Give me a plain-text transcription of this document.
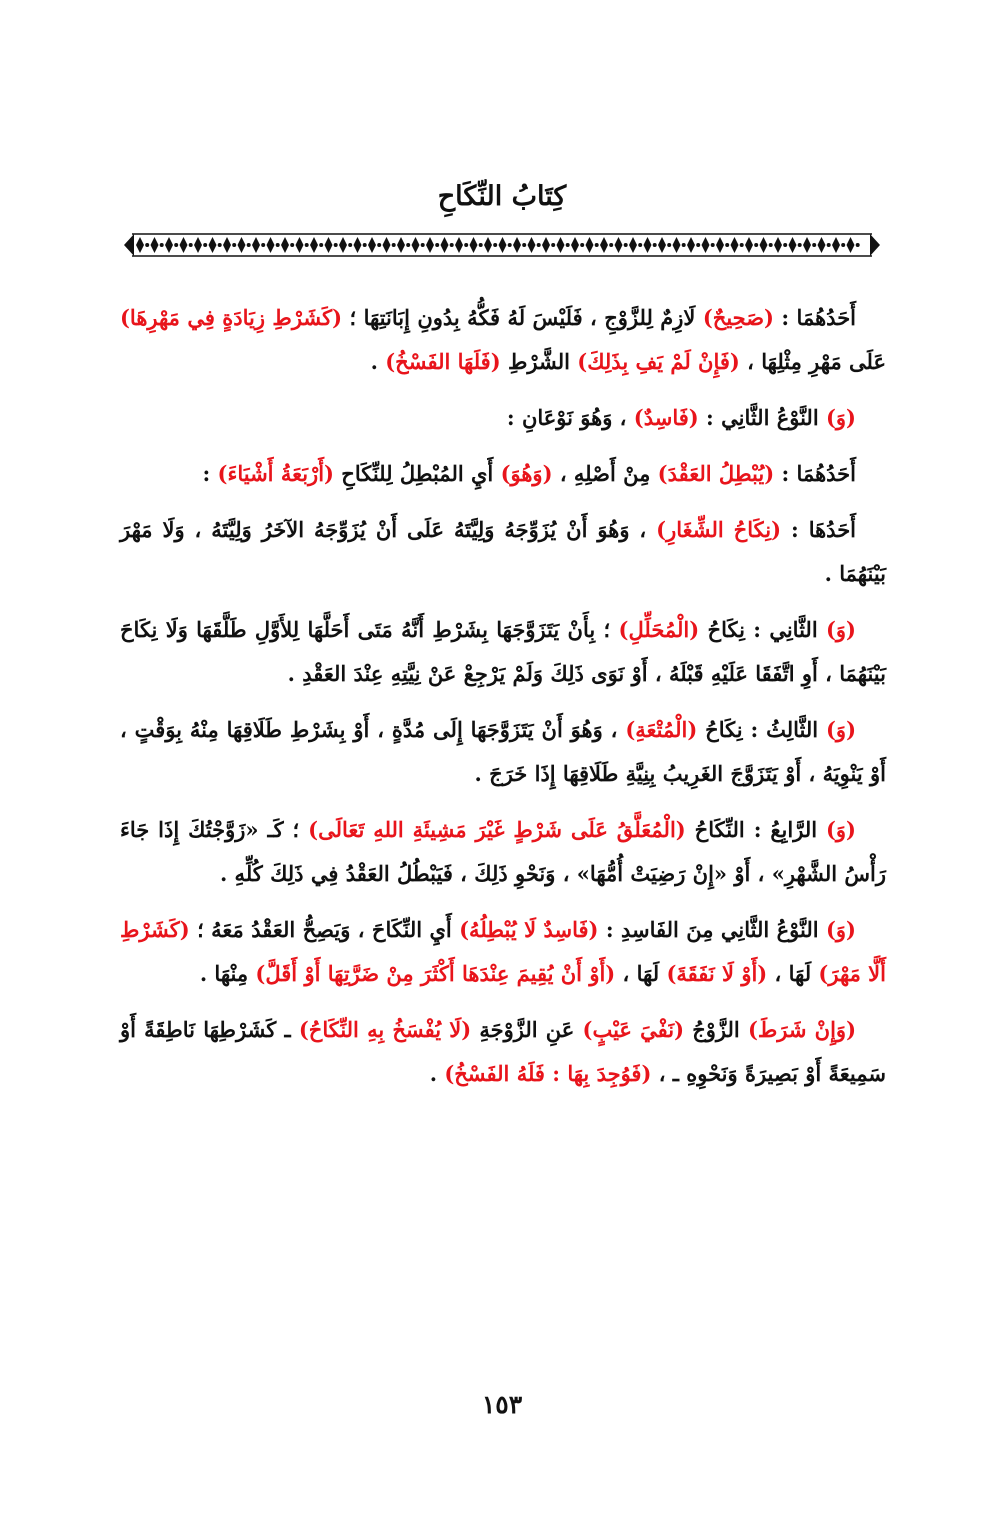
كِتَابُ النِّكَاحِ

أَحَدُهُمَا : (صَحِيحٌ) لَازِمٌ لِلزَّوْجِ ، فَلَيْسَ لَهُ فَكُّهُ بِدُونِ إِبَانَتِهَا ؛ (كَشَرْطِ زِيَادَةٍ فِي مَهْرِهَا) عَلَى مَهْرِ مِثْلِهَا ، (فَإِنْ لَمْ يَفِ بِذَلِكَ) الشَّرْطِ (فَلَهَا الفَسْخُ) .

(وَ) النَّوْعُ الثَّانِي : (فَاسِدٌ) ، وَهُوَ نَوْعَانِ :

أَحَدُهُمَا : (يُبْطِلُ العَقْدَ) مِنْ أَصْلِهِ ، (وَهُوَ) أَيِ المُبْطِلُ لِلنِّكَاحِ (أَرْبَعَةُ أَشْيَاءَ) :

أَحَدُهَا : (نِكَاحُ الشِّغَارِ) ، وَهُوَ أَنْ يُزَوِّجَهُ وَلِيَّتَهُ عَلَى أَنْ يُزَوِّجَهُ الآخَرُ وَلِيَّتَهُ ، وَلَا مَهْرَ بَيْنَهُمَا .

(وَ) الثَّانِي : نِكَاحُ (الْمُحَلِّلِ) ؛ بِأَنْ يَتَزَوَّجَهَا بِشَرْطِ أَنَّهُ مَتَى أَحَلَّهَا لِلأَوَّلِ طَلَّقَهَا وَلَا نِكَاحَ بَيْنَهُمَا ، أَوِ اتَّفَقَا عَلَيْهِ قَبْلَهُ ، أَوْ نَوَى ذَلِكَ وَلَمْ يَرْجِعْ عَنْ نِيَّتِهِ عِنْدَ العَقْدِ .

(وَ) الثَّالِثُ : نِكَاحُ (الْمُتْعَةِ) ، وَهُوَ أَنْ يَتَزَوَّجَهَا إِلَى مُدَّةٍ ، أَوْ بِشَرْطِ طَلَاقِهَا مِنْهُ بِوَقْتٍ ، أَوْ يَنْوِيَهُ ، أَوْ يَتَزَوَّجَ الغَرِيبُ بِنِيَّةِ طَلَاقِهَا إِذَا خَرَجَ .

(وَ) الرَّابِعُ : النِّكَاحُ (الْمُعَلَّقُ عَلَى شَرْطٍ غَيْرَ مَشِيئَةِ اللهِ تَعَالَى) ؛ كَـ «زَوَّجْتُكَ إِذَا جَاءَ رَأْسُ الشَّهْرِ» ، أَوْ «إِنْ رَضِيَتْ أُمُّهَا» ، وَنَحْوِ ذَلِكَ ، فَيَبْطُلُ العَقْدُ فِي ذَلِكَ كُلِّهِ .

(وَ) النَّوْعُ الثَّانِي مِنَ الفَاسِدِ : (فَاسِدٌ لَا يُبْطِلُهُ) أَيِ النِّكَاحَ ، وَيَصِحُّ العَقْدُ مَعَهُ ؛ (كَشَرْطِ أَلَّا مَهْرَ) لَهَا ، (أَوْ لَا نَفَقَةَ) لَهَا ، (أَوْ أَنْ يُقِيمَ عِنْدَهَا أَكْثَرَ مِنْ ضَرَّتِهَا أَوْ أَقَلَّ) مِنْهَا .

(وَإِنْ شَرَطَ) الزَّوْجُ (نَفْيَ عَيْبٍ) عَنِ الزَّوْجَةِ (لَا يُفْسَخُ بِهِ النِّكَاحُ) ـ كَشَرْطِهَا نَاطِقَةً أَوْ سَمِيعَةً أَوْ بَصِيرَةً وَنَحْوِهِ ـ ، (فَوُجِدَ بِهَا : فَلَهُ الفَسْخُ) .

١٥٣
